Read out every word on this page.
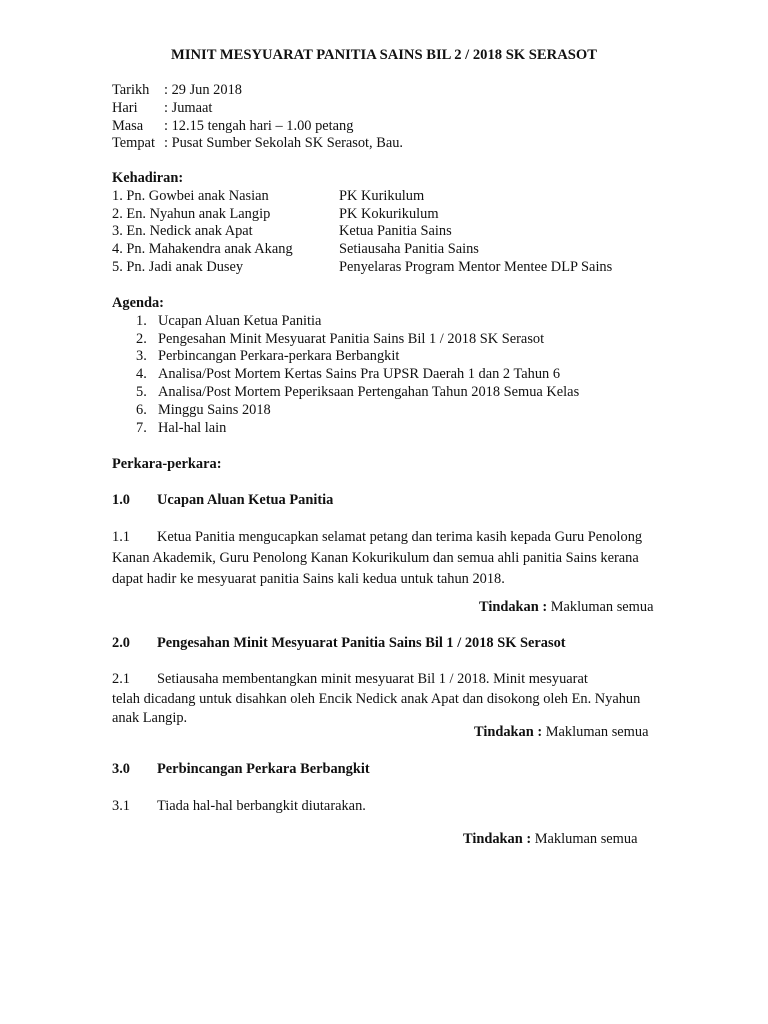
MINIT MESYUARAT PANITIA SAINS BIL 2 / 2018 SK SERASOT
Tarikh : 29 Jun 2018
Hari : Jumaat
Masa : 12.15 tengah hari – 1.00 petang
Tempat : Pusat Sumber Sekolah SK Serasot, Bau.
Kehadiran:
1. Pn. Gowbei anak Nasian	PK Kurikulum
2. En. Nyahun anak Langip	PK Kokurikulum
3. En. Nedick anak Apat	Ketua Panitia Sains
4. Pn. Mahakendra anak Akang	Setiausaha Panitia Sains
5. Pn. Jadi anak Dusey	Penyelaras Program Mentor Mentee DLP Sains
Agenda:
1. Ucapan Aluan Ketua Panitia
2. Pengesahan Minit Mesyuarat Panitia Sains Bil 1 / 2018 SK Serasot
3. Perbincangan Perkara-perkara Berbangkit
4. Analisa/Post Mortem Kertas Sains Pra UPSR Daerah 1 dan 2 Tahun 6
5. Analisa/Post Mortem Peperiksaan Pertengahan Tahun 2018 Semua Kelas
6. Minggu Sains 2018
7. Hal-hal lain
Perkara-perkara:
1.0 Ucapan Aluan Ketua Panitia
1.1 Ketua Panitia mengucapkan selamat petang dan terima kasih kepada Guru Penolong
Kanan Akademik, Guru Penolong Kanan Kokurikulum dan semua ahli panitia Sains kerana
dapat hadir ke mesyuarat panitia Sains kali kedua untuk tahun 2018.
Tindakan : Makluman semua
2.0 Pengesahan Minit Mesyuarat Panitia Sains Bil 1 / 2018 SK Serasot
2.1 Setiausaha membentangkan minit mesyuarat Bil 1 / 2018. Minit mesyuarat
telah dicadang untuk disahkan oleh Encik Nedick anak Apat dan disokong oleh En. Nyahun
anak Langip.
Tindakan : Makluman semua
3.0 Perbincangan Perkara Berbangkit
3.1 Tiada hal-hal berbangkit diutarakan.
Tindakan : Makluman semua
